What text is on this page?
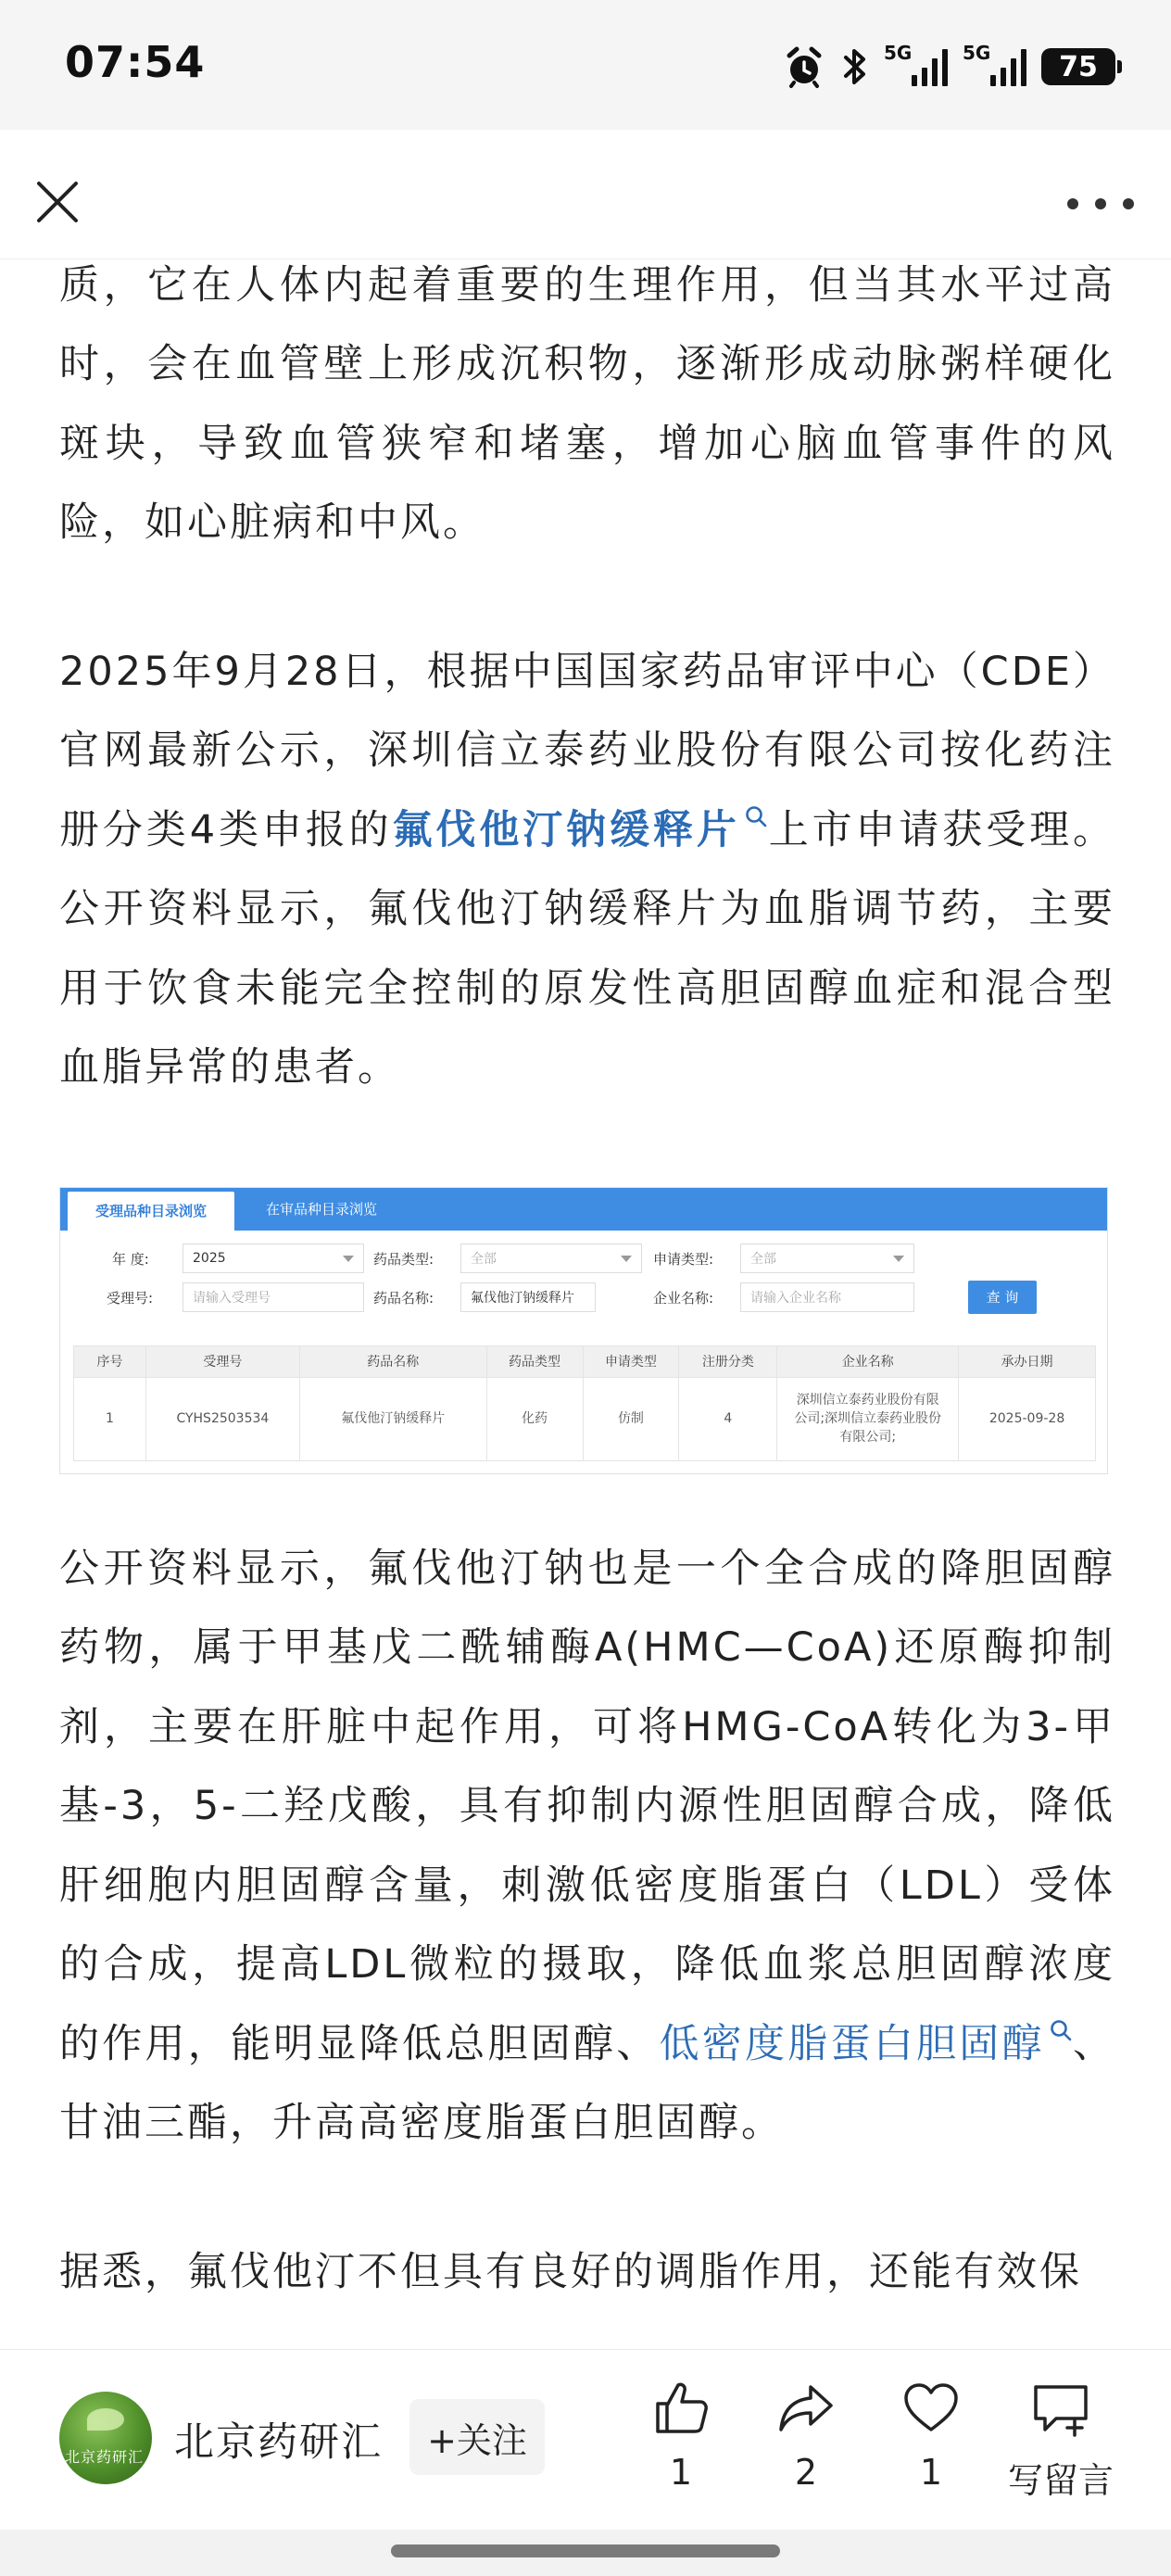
07:54	5G	5G	75

质，它在人体内起着重要的生理作用，但当其水平过高时，会在血管壁上形成沉积物，逐渐形成动脉粥样硬化斑块，导致血管狭窄和堵塞，增加心脑血管事件的风险，如心脏病和中风。

2025年9月28日，根据中国国家药品审评中心（CDE）官网最新公示，深圳信立泰药业股份有限公司按化药注册分类4类申报的氟伐他汀钠缓释片 上市申请获受理。公开资料显示，氟伐他汀钠缓释片为血脂调节药，主要用于饮食未能完全控制的原发性高胆固醇血症和混合型血脂异常的患者。

受理品种目录浏览	在审品种目录浏览
年 度:	2025	药品类型:	全部	申请类型:	全部
受理号:	请输入受理号	药品名称:	氟伐他汀钠缓释片	企业名称:	请输入企业名称	查 询
序号	受理号	药品名称	药品类型	申请类型	注册分类	企业名称	承办日期
1	CYHS2503534	氟伐他汀钠缓释片	化药	仿制	4	深圳信立泰药业股份有限公司;深圳信立泰药业股份有限公司;	2025-09-28

公开资料显示，氟伐他汀钠也是一个全合成的降胆固醇药物，属于甲基戊二酰辅酶A(HMC—CoA)还原酶抑制剂，主要在肝脏中起作用，可将HMG-CoA转化为3-甲基-3，5-二羟戊酸，具有抑制内源性胆固醇合成，降低肝细胞内胆固醇含量，刺激低密度脂蛋白（LDL）受体的合成，提高LDL微粒的摄取，降低血浆总胆固醇浓度的作用，能明显降低总胆固醇、低密度脂蛋白胆固醇 、甘油三酯，升高高密度脂蛋白胆固醇。

据悉，氟伐他汀不但具有良好的调脂作用，还能有效保

北京药研汇 北京药研汇	+关注
1	2	1	写留言
